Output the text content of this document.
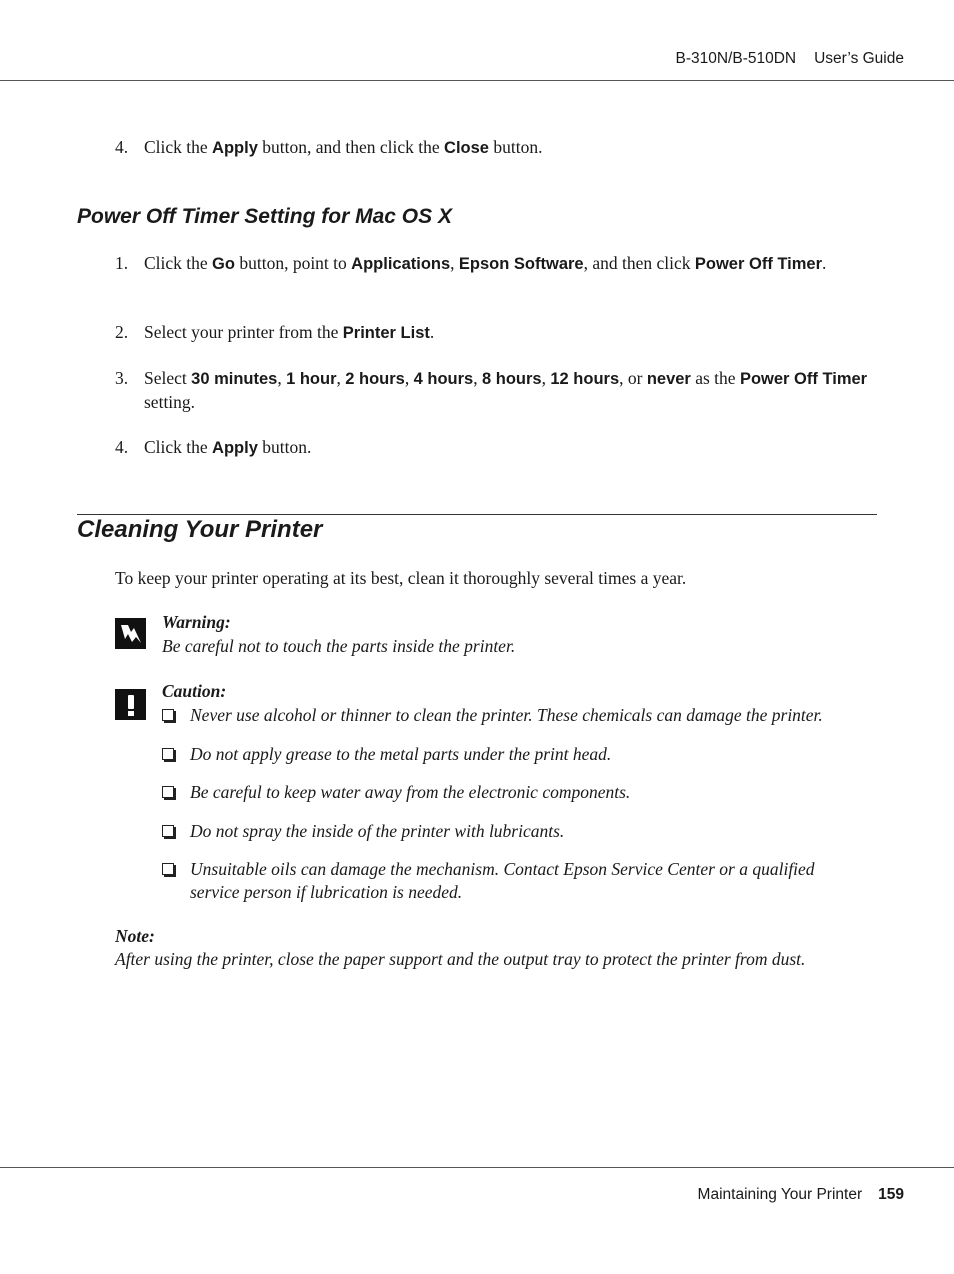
B-310N/B-510DN User’s Guide
4. Click the Apply button, and then click the Close button.
Power Off Timer Setting for Mac OS X
1. Click the Go button, point to Applications, Epson Software, and then click Power Off Timer.
2. Select your printer from the Printer List.
3. Select 30 minutes, 1 hour, 2 hours, 4 hours, 8 hours, 12 hours, or never as the Power Off Timer setting.
4. Click the Apply button.
Cleaning Your Printer
To keep your printer operating at its best, clean it thoroughly several times a year.
Warning:
Be careful not to touch the parts inside the printer.
Caution:
Never use alcohol or thinner to clean the printer. These chemicals can damage the printer.
Do not apply grease to the metal parts under the print head.
Be careful to keep water away from the electronic components.
Do not spray the inside of the printer with lubricants.
Unsuitable oils can damage the mechanism. Contact Epson Service Center or a qualified service person if lubrication is needed.
Note:
After using the printer, close the paper support and the output tray to protect the printer from dust.
Maintaining Your Printer 159
